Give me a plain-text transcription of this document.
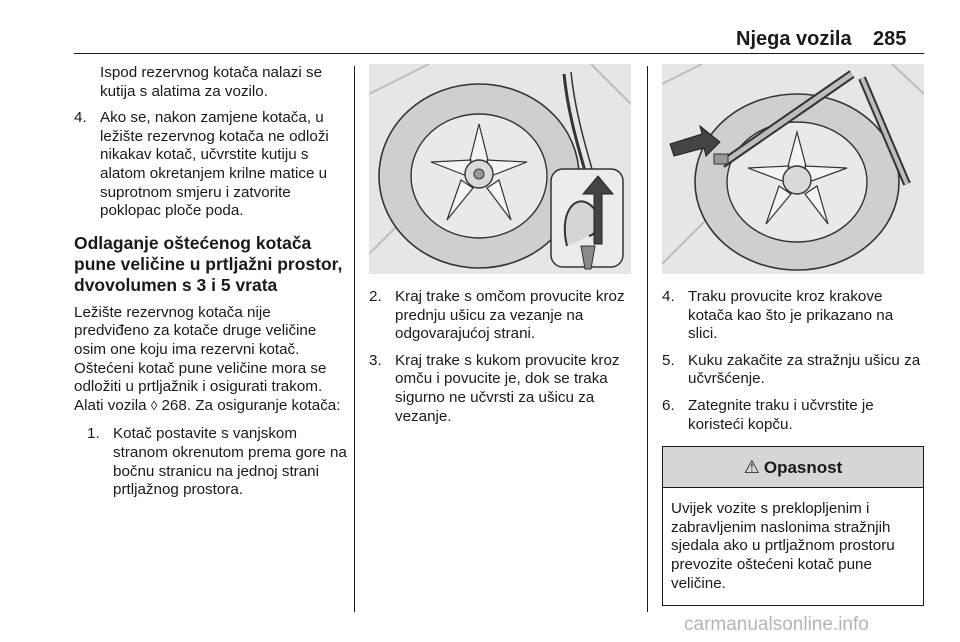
Njega vozila 285

Ispod rezervnog kotača nalazi se kutija s alatima za vozilo.

4. Ako se, nakon zamjene kotača, u ležište rezervnog kotača ne odloži nikakav kotač, učvrstite kutiju s alatom okretanjem krilne matice u suprotnom smjeru i zatvorite poklopac ploče poda.
Odlaganje oštećenog kotača pune veličine u prtljažni prostor, dvovolumen s 3 i 5 vrata

Ležište rezervnog kotača nije predviđeno za kotače druge veličine osim one koju ima rezervni kotač. Oštećeni kotač pune veličine mora se odložiti u prtljažnik i osigurati trakom. Alati vozila ◊ 268. Za osiguranje kotača:

1. Kotač postavite s vanjskom stranom okrenutom prema gore na bočnu stranicu na jednoj strani prtljažnog prostora.
2. Kraj trake s omčom provucite kroz prednju ušicu za vezanje na odgovarajućoj strani.
3. Kraj trake s kukom provucite kroz omču i povucite je, dok se traka sigurno ne učvrsti za ušicu za vezanje.
4. Traku provucite kroz krakove kotača kao što je prikazano na slici.
5. Kuku zakačite za stražnju ušicu za učvršćenje.
6. Zategnite traku i učvrstite je koristeći kopču.
⚠ Opasnost
Uvijek vozite s preklopljenim i zabravljenim naslonima stražnjih sjedala ako u prtljažnom prostoru prevozite oštećeni kotač pune veličine.
carmanualsonline.info
